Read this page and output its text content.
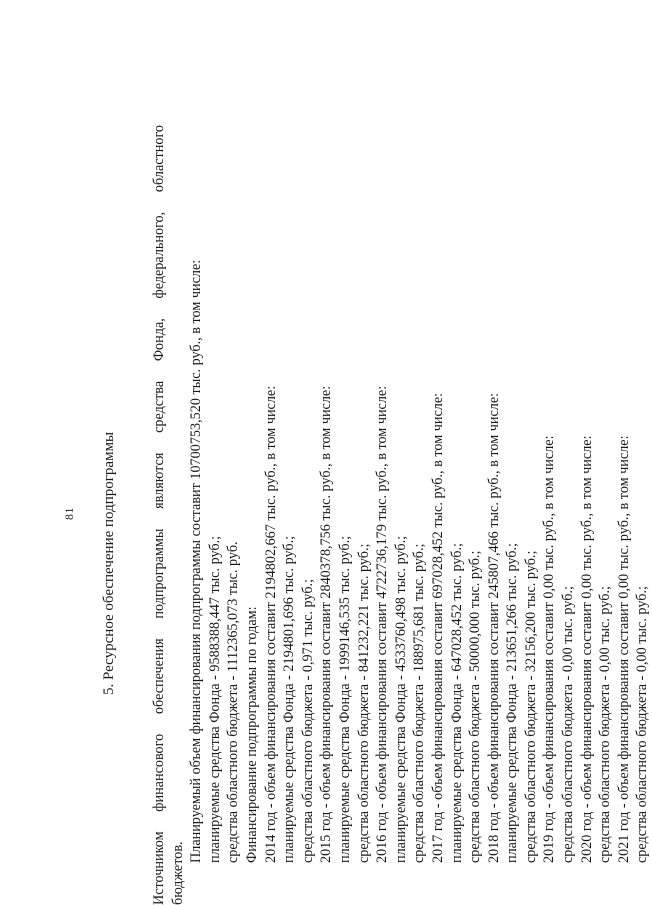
81 5. Ресурсное обеспечение подпрограммы Источником финансового обеспечения подпрограммы являются средства Фонда, федерального, областного бюджетов.

Планируемый объем финансирования подпрограммы составит 10700753,520 тыс. руб., в том числе: планируемые средства Фонда - 9588388,447 тыс. руб.; средства областного бюджета - 1112365,073 тыс. руб. Финансирование подпрограммы по годам: 2014 год - объем финансирования составит 2194802,667 тыс. руб., в том числе: планируемые средства Фонда - 2194801,696 тыс. руб.; средства областного бюджета - 0,971 тыс. руб.; 2015 год - объем финансирования составит 2840378,756 тыс. руб., в том числе: планируемые средства Фонда - 1999146,535 тыс. руб.; средства областного бюджета - 841232,221 тыс. руб.; 2016 год - объем финансирования составит 4722736,179 тыс. руб., в том числе: планируемые средства Фонда - 4533760,498 тыс. руб.; средства областного бюджета - 188975,681 тыс. руб.; 2017 год - объем финансирования составит 697028,452 тыс. руб., в том числе: планируемые средства Фонда - 647028,452 тыс. руб.; средства областного бюджета - 50000,000 тыс. руб.; 2018 год - объем финансирования составит 245807,466 тыс. руб., в том числе: планируемые средства Фонда - 213651,266 тыс. руб.; средства областного бюджета - 32156,200 тыс. руб.; 2019 год - объем финансирования составит 0,00 тыс. руб., в том числе: средства областного бюджета - 0,00 тыс. руб.; 2020 год - объем финансирования составит 0,00 тыс. руб., в том числе: средства областного бюджета - 0,00 тыс. руб.; 2021 год - объем финансирования составит 0,00 тыс. руб., в том числе: средства областного бюджета - 0,00 тыс. руб.;
